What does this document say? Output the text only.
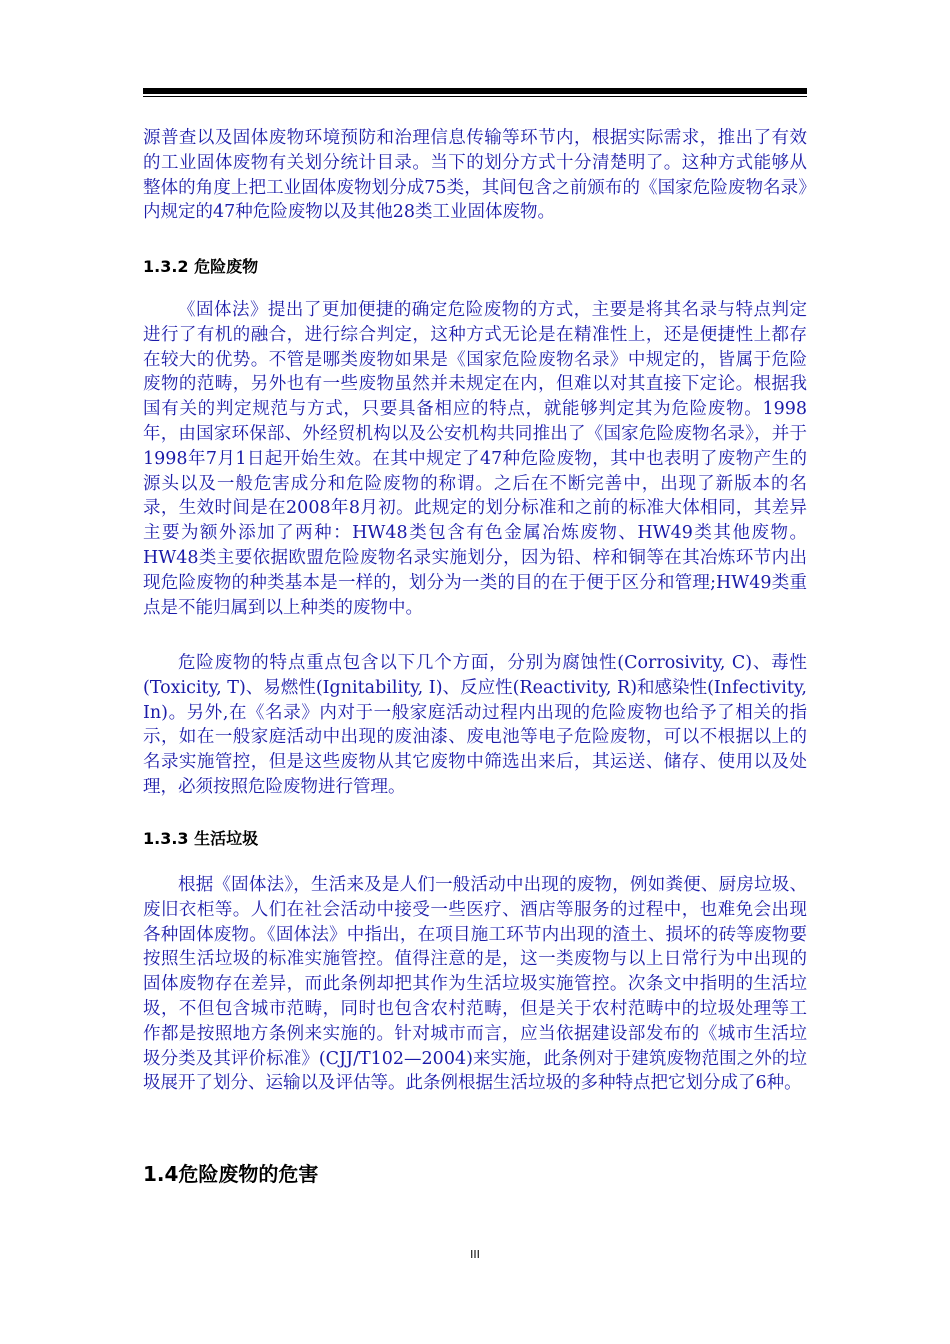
源普查以及固体废物环境预防和治理信息传输等环节内，根据实际需求，推出了有效的工业固体废物有关划分统计目录。当下的划分方式十分清楚明了。这种方式能够从整体的角度上把工业固体废物划分成75类，其间包含之前颁布的《国家危险废物名录》内规定的47种危险废物以及其他28类工业固体废物。

1.3.2 危险废物

《固体法》提出了更加便捷的确定危险废物的方式，主要是将其名录与特点判定进行了有机的融合，进行综合判定，这种方式无论是在精准性上，还是便捷性上都存在较大的优势。不管是哪类废物如果是《国家危险废物名录》中规定的，皆属于危险废物的范畴，另外也有一些废物虽然并未规定在内，但难以对其直接下定论。根据我国有关的判定规范与方式，只要具备相应的特点，就能够判定其为危险废物。1998年，由国家环保部、外经贸机构以及公安机构共同推出了《国家危险废物名录》，并于1998年7月1日起开始生效。在其中规定了47种危险废物，其中也表明了废物产生的源头以及一般危害成分和危险废物的称谓。之后在不断完善中，出现了新版本的名录，生效时间是在2008年8月初。此规定的划分标准和之前的标准大体相同，其差异主要为额外添加了两种：HW48类包含有色金属冶炼废物、HW49类其他废物。HW48类主要依据欧盟危险废物名录实施划分，因为铅、梓和铜等在其冶炼环节内出现危险废物的种类基本是一样的，划分为一类的目的在于便于区分和管理;HW49类重点是不能归属到以上种类的废物中。

危险废物的特点重点包含以下几个方面，分别为腐蚀性(Corrosivity, C)、毒性(Toxicity, T)、易燃性(Ignitability, I)、反应性(Reactivity, R)和感染性(Infectivity, In)。另外,在《名录》内对于一般家庭活动过程内出现的危险废物也给予了相关的指示，如在一般家庭活动中出现的废油漆、废电池等电子危险废物，可以不根据以上的名录实施管控，但是这些废物从其它废物中筛选出来后，其运送、储存、使用以及处理，必须按照危险废物进行管理。

1.3.3 生活垃圾

根据《固体法》，生活来及是人们一般活动中出现的废物，例如粪便、厨房垃圾、废旧衣柜等。人们在社会活动中接受一些医疗、酒店等服务的过程中，也难免会出现各种固体废物。《固体法》中指出，在项目施工环节内出现的渣土、损坏的砖等废物要按照生活垃圾的标准实施管控。值得注意的是，这一类废物与以上日常行为中出现的固体废物存在差异，而此条例却把其作为生活垃圾实施管控。次条文中指明的生活垃圾，不但包含城市范畴，同时也包含农村范畴，但是关于农村范畴中的垃圾处理等工作都是按照地方条例来实施的。针对城市而言，应当依据建设部发布的《城市生活垃圾分类及其评价标准》(CJJ/T102—2004)来实施，此条例对于建筑废物范围之外的垃圾展开了划分、运输以及评估等。此条例根据生活垃圾的多种特点把它划分成了6种。

1.4危险废物的危害
III
